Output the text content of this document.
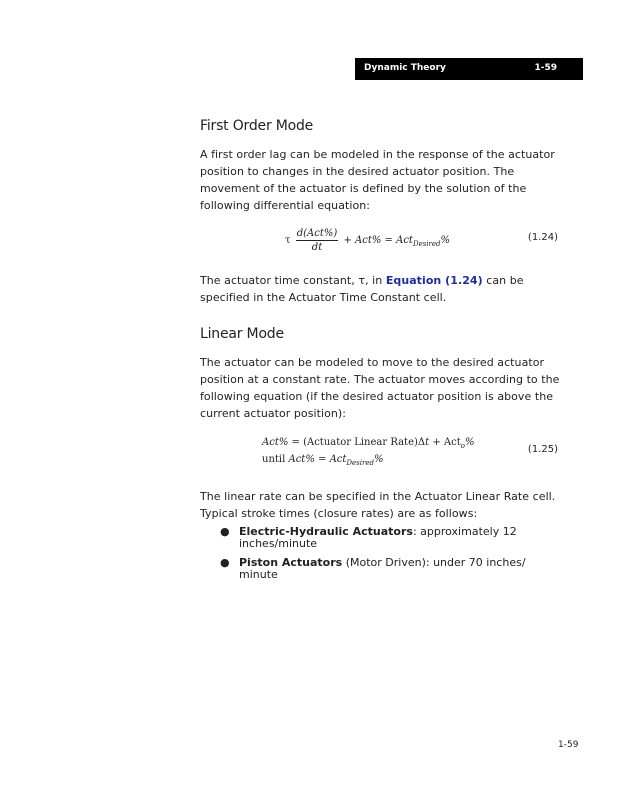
Dynamic Theory	1-59
First Order Mode

A first order lag can be modeled in the response of the actuator position to changes in the desired actuator position. The movement of the actuator is defined by the solution of the following differential equation:

τ $\frac{\text{d(Act\%)}}{dt} + Act\% = Act_{Desired}\%$	(1.24)

The actuator time constant, τ, in Equation (1.24) can be specified in the Actuator Time Constant cell.

Linear Mode

The actuator can be modeled to move to the desired actuator position at a constant rate. The actuator moves according to the following equation (if the desired actuator position is above the current actuator position):

Act% = (Actuator Linear Rate)Δt + Act$_o$%
until Act% = Act$_{Desired}$%
(1.25)

The linear rate can be specified in the Actuator Linear Rate cell. Typical stroke times (closure rates) are as follows:

● Electric-Hydraulic Actuators: approximately 12 inches/minute
● Piston Actuators (Motor Driven): under 70 inches/ minute
1-59
